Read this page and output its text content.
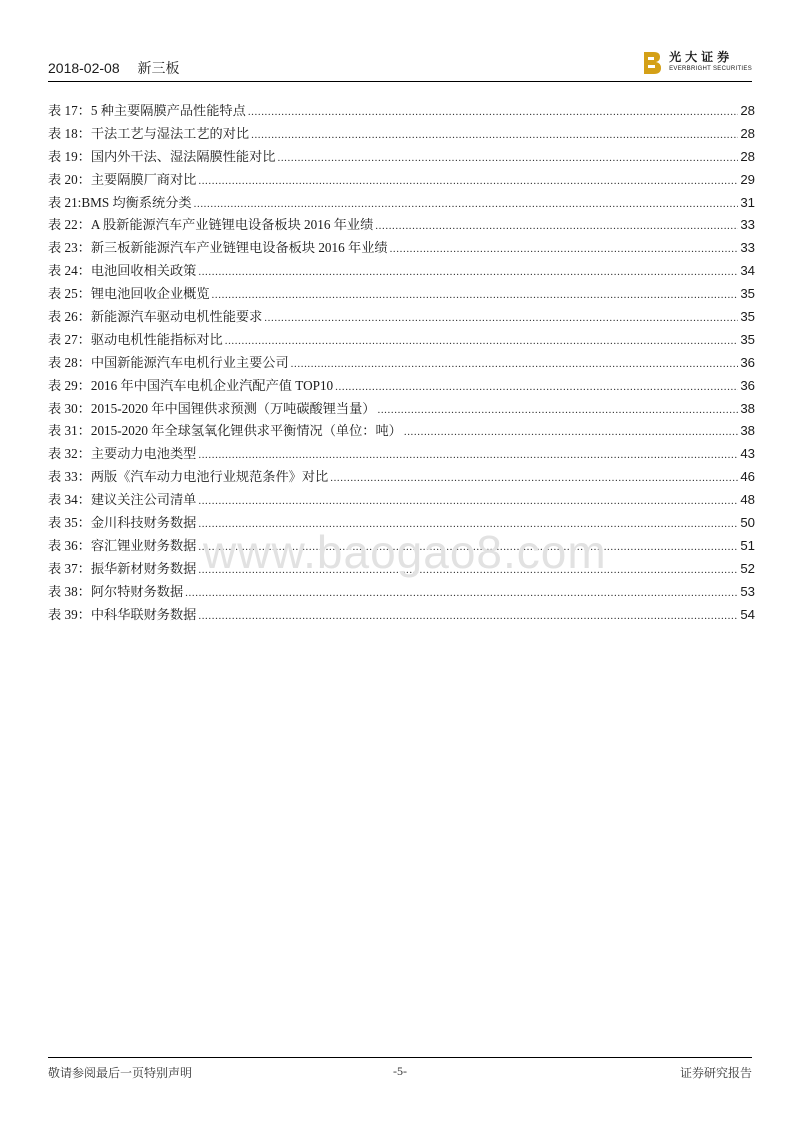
2018-02-08 新三板
光大证券
EVERBRIGHT SECURITIES
表 17：5 种主要隔膜产品性能特点 .....	28
表 18：干法工艺与湿法工艺的对比 .....	28
表 19：国内外干法、湿法隔膜性能对比 .....	28
表 20：主要隔膜厂商对比 .....	29
表 21:BMS 均衡系统分类 .....	31
表 22：A 股新能源汽车产业链锂电设备板块 2016 年业绩 .....	33
表 23：新三板新能源汽车产业链锂电设备板块 2016 年业绩 .....	33
表 24：电池回收相关政策 .....	34
表 25：锂电池回收企业概览 .....	35
表 26：新能源汽车驱动电机性能要求 .....	35
表 27：驱动电机性能指标对比 .....	35
表 28：中国新能源汽车电机行业主要公司 .....	36
表 29：2016 年中国汽车电机企业汽配产值 TOP10 .....	36
表 30：2015-2020 年中国锂供求预测（万吨碳酸锂当量） .....	38
表 31：2015-2020 年全球氢氧化锂供求平衡情况（单位：吨） .....	38
表 32：主要动力电池类型 .....	43
表 33：两版《汽车动力电池行业规范条件》对比 .....	46
表 34：建议关注公司清单 .....	48
表 35：金川科技财务数据 .....	50
表 36：容汇锂业财务数据 .....	51
表 37：振华新材财务数据 .....	52
表 38：阿尔特财务数据 .....	53
表 39：中科华联财务数据 .....	54
www.baogao8.com
敬请参阅最后一页特别声明	-5-	证券研究报告
